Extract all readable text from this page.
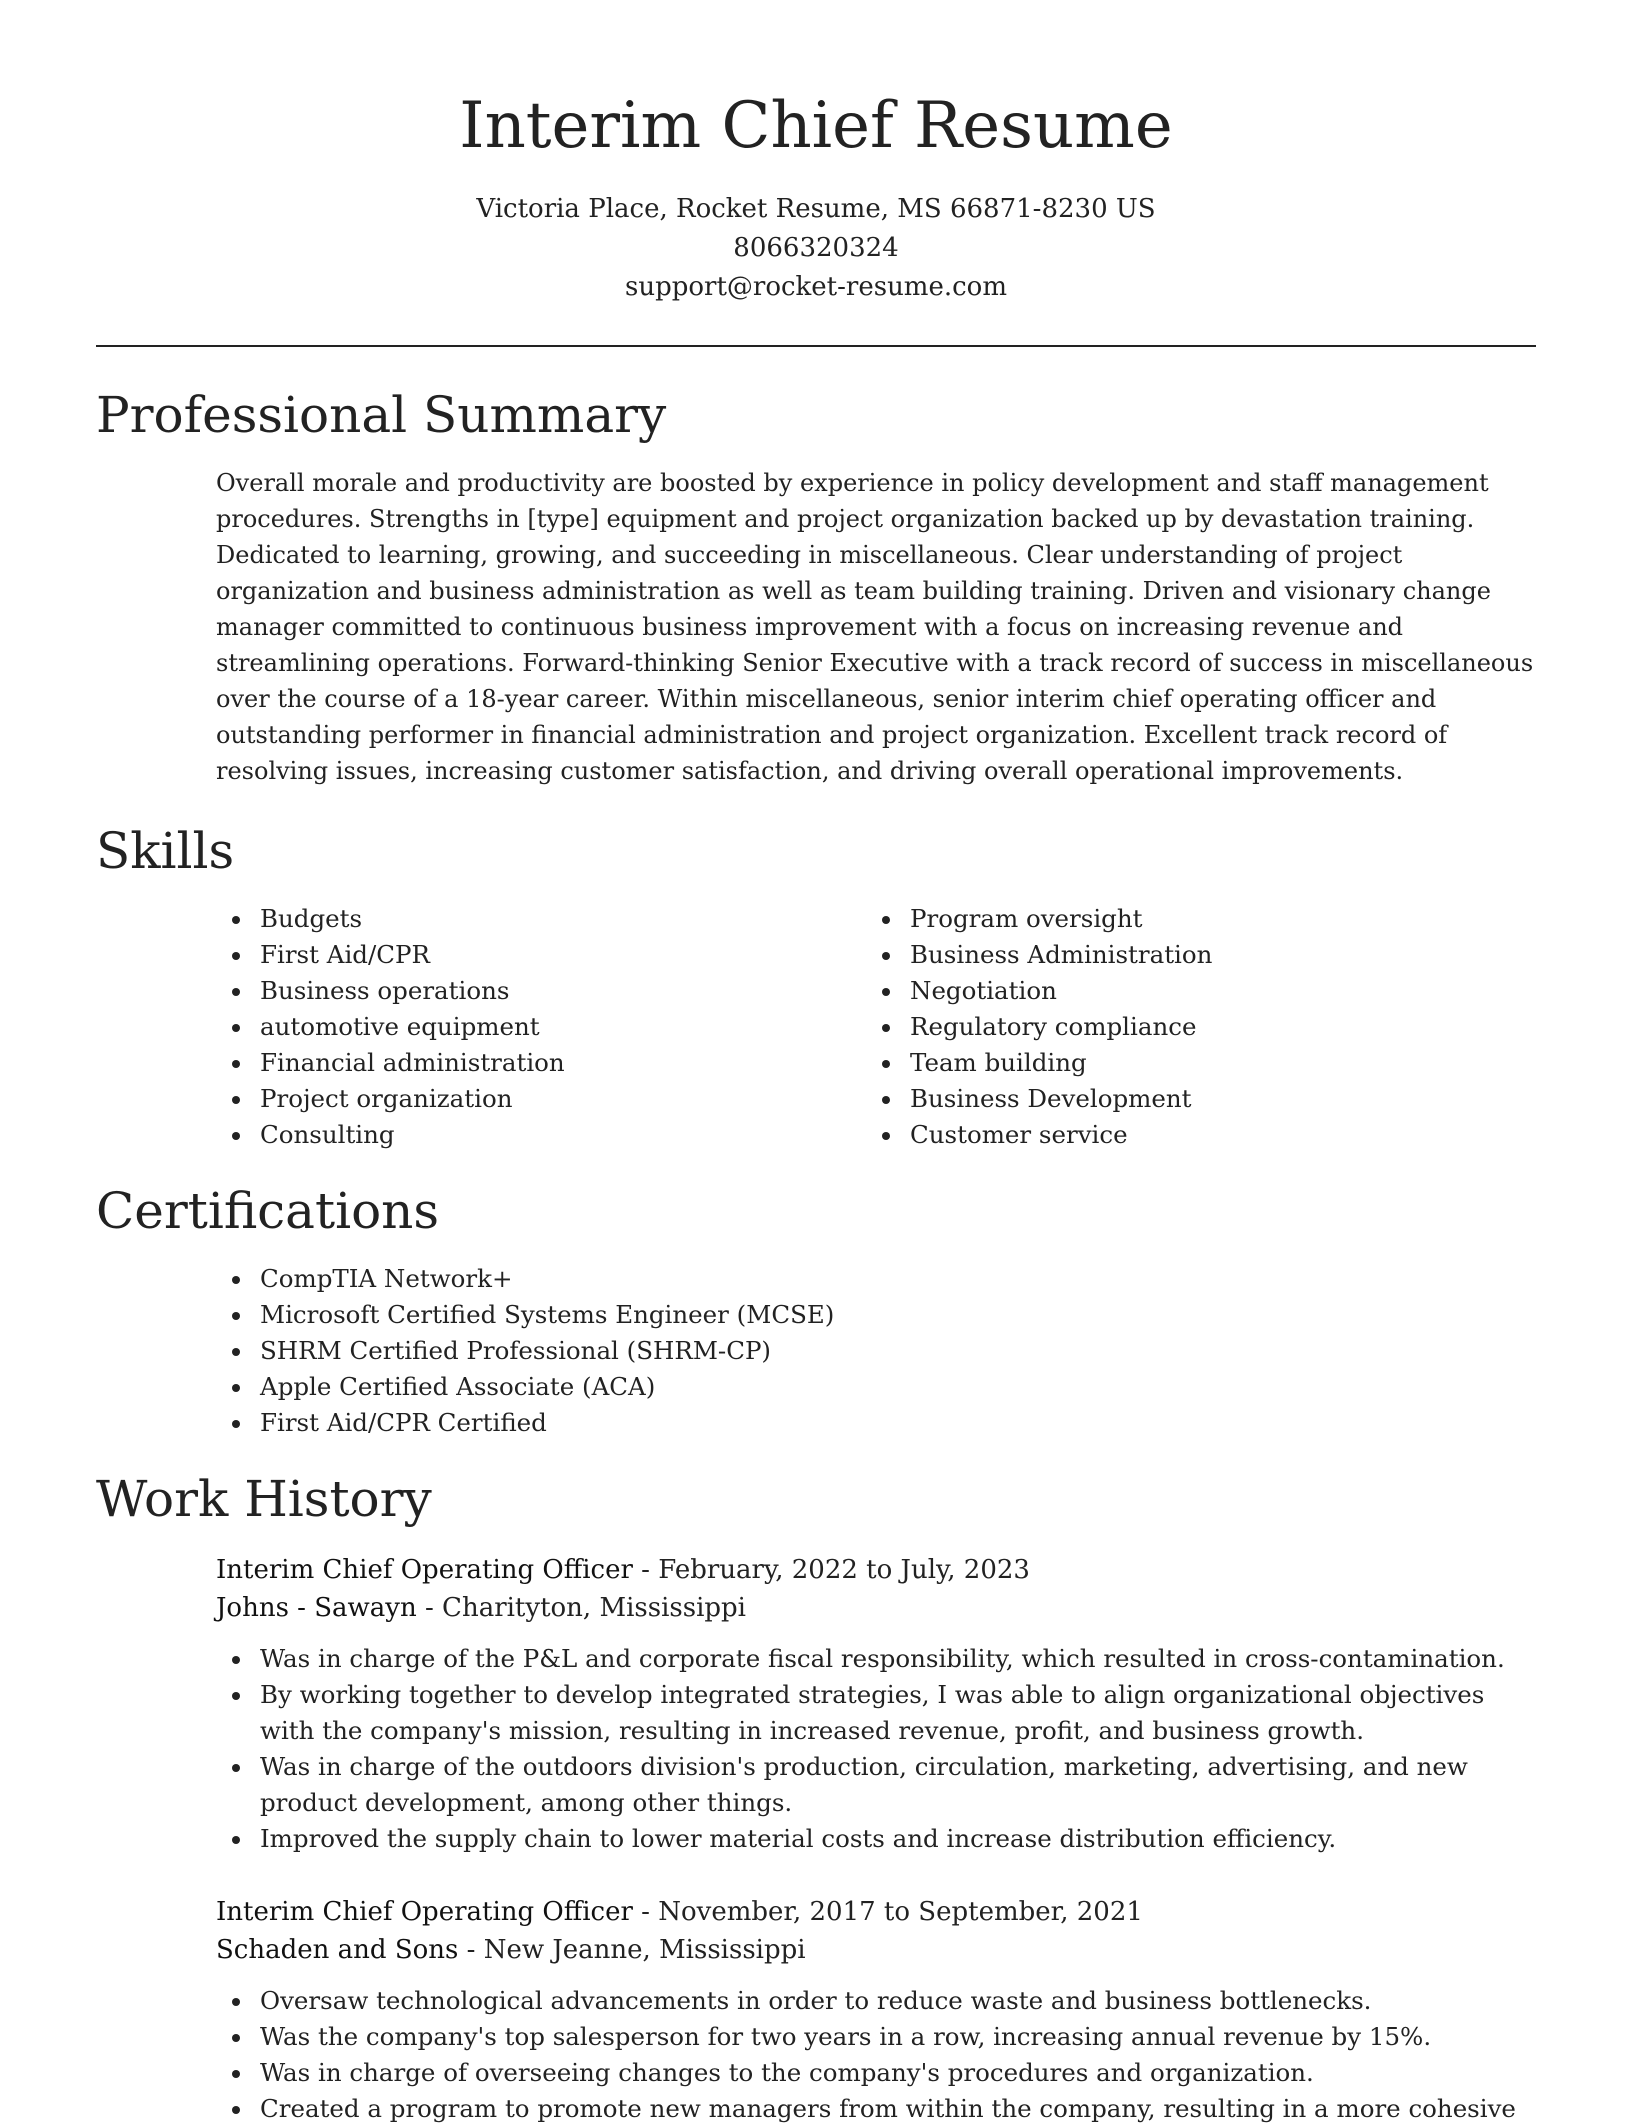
Interim Chief Resume
Victoria Place, Rocket Resume, MS 66871-8230 US
8066320324
support@rocket-resume.com
Professional Summary
Overall morale and productivity are boosted by experience in policy development and staff management procedures. Strengths in [type] equipment and project organization backed up by devastation training. Dedicated to learning, growing, and succeeding in miscellaneous. Clear understanding of project organization and business administration as well as team building training. Driven and visionary change manager committed to continuous business improvement with a focus on increasing revenue and streamlining operations. Forward-thinking Senior Executive with a track record of success in miscellaneous over the course of a 18-year career. Within miscellaneous, senior interim chief operating officer and outstanding performer in financial administration and project organization. Excellent track record of resolving issues, increasing customer satisfaction, and driving overall operational improvements.
Skills
Budgets
First Aid/CPR
Business operations
automotive equipment
Financial administration
Project organization
Consulting
Program oversight
Business Administration
Negotiation
Regulatory compliance
Team building
Business Development
Customer service
Certifications
CompTIA Network+
Microsoft Certified Systems Engineer (MCSE)
SHRM Certified Professional (SHRM-CP)
Apple Certified Associate (ACA)
First Aid/CPR Certified
Work History
Interim Chief Operating Officer - February, 2022 to July, 2023
Johns - Sawayn - Charityton, Mississippi
Was in charge of the P&L and corporate fiscal responsibility, which resulted in cross-contamination.
By working together to develop integrated strategies, I was able to align organizational objectives with the company's mission, resulting in increased revenue, profit, and business growth.
Was in charge of the outdoors division's production, circulation, marketing, advertising, and new product development, among other things.
Improved the supply chain to lower material costs and increase distribution efficiency.
Interim Chief Operating Officer - November, 2017 to September, 2021
Schaden and Sons - New Jeanne, Mississippi
Oversaw technological advancements in order to reduce waste and business bottlenecks.
Was the company's top salesperson for two years in a row, increasing annual revenue by 15%.
Was in charge of overseeing changes to the company's procedures and organization.
Created a program to promote new managers from within the company, resulting in a more cohesive
